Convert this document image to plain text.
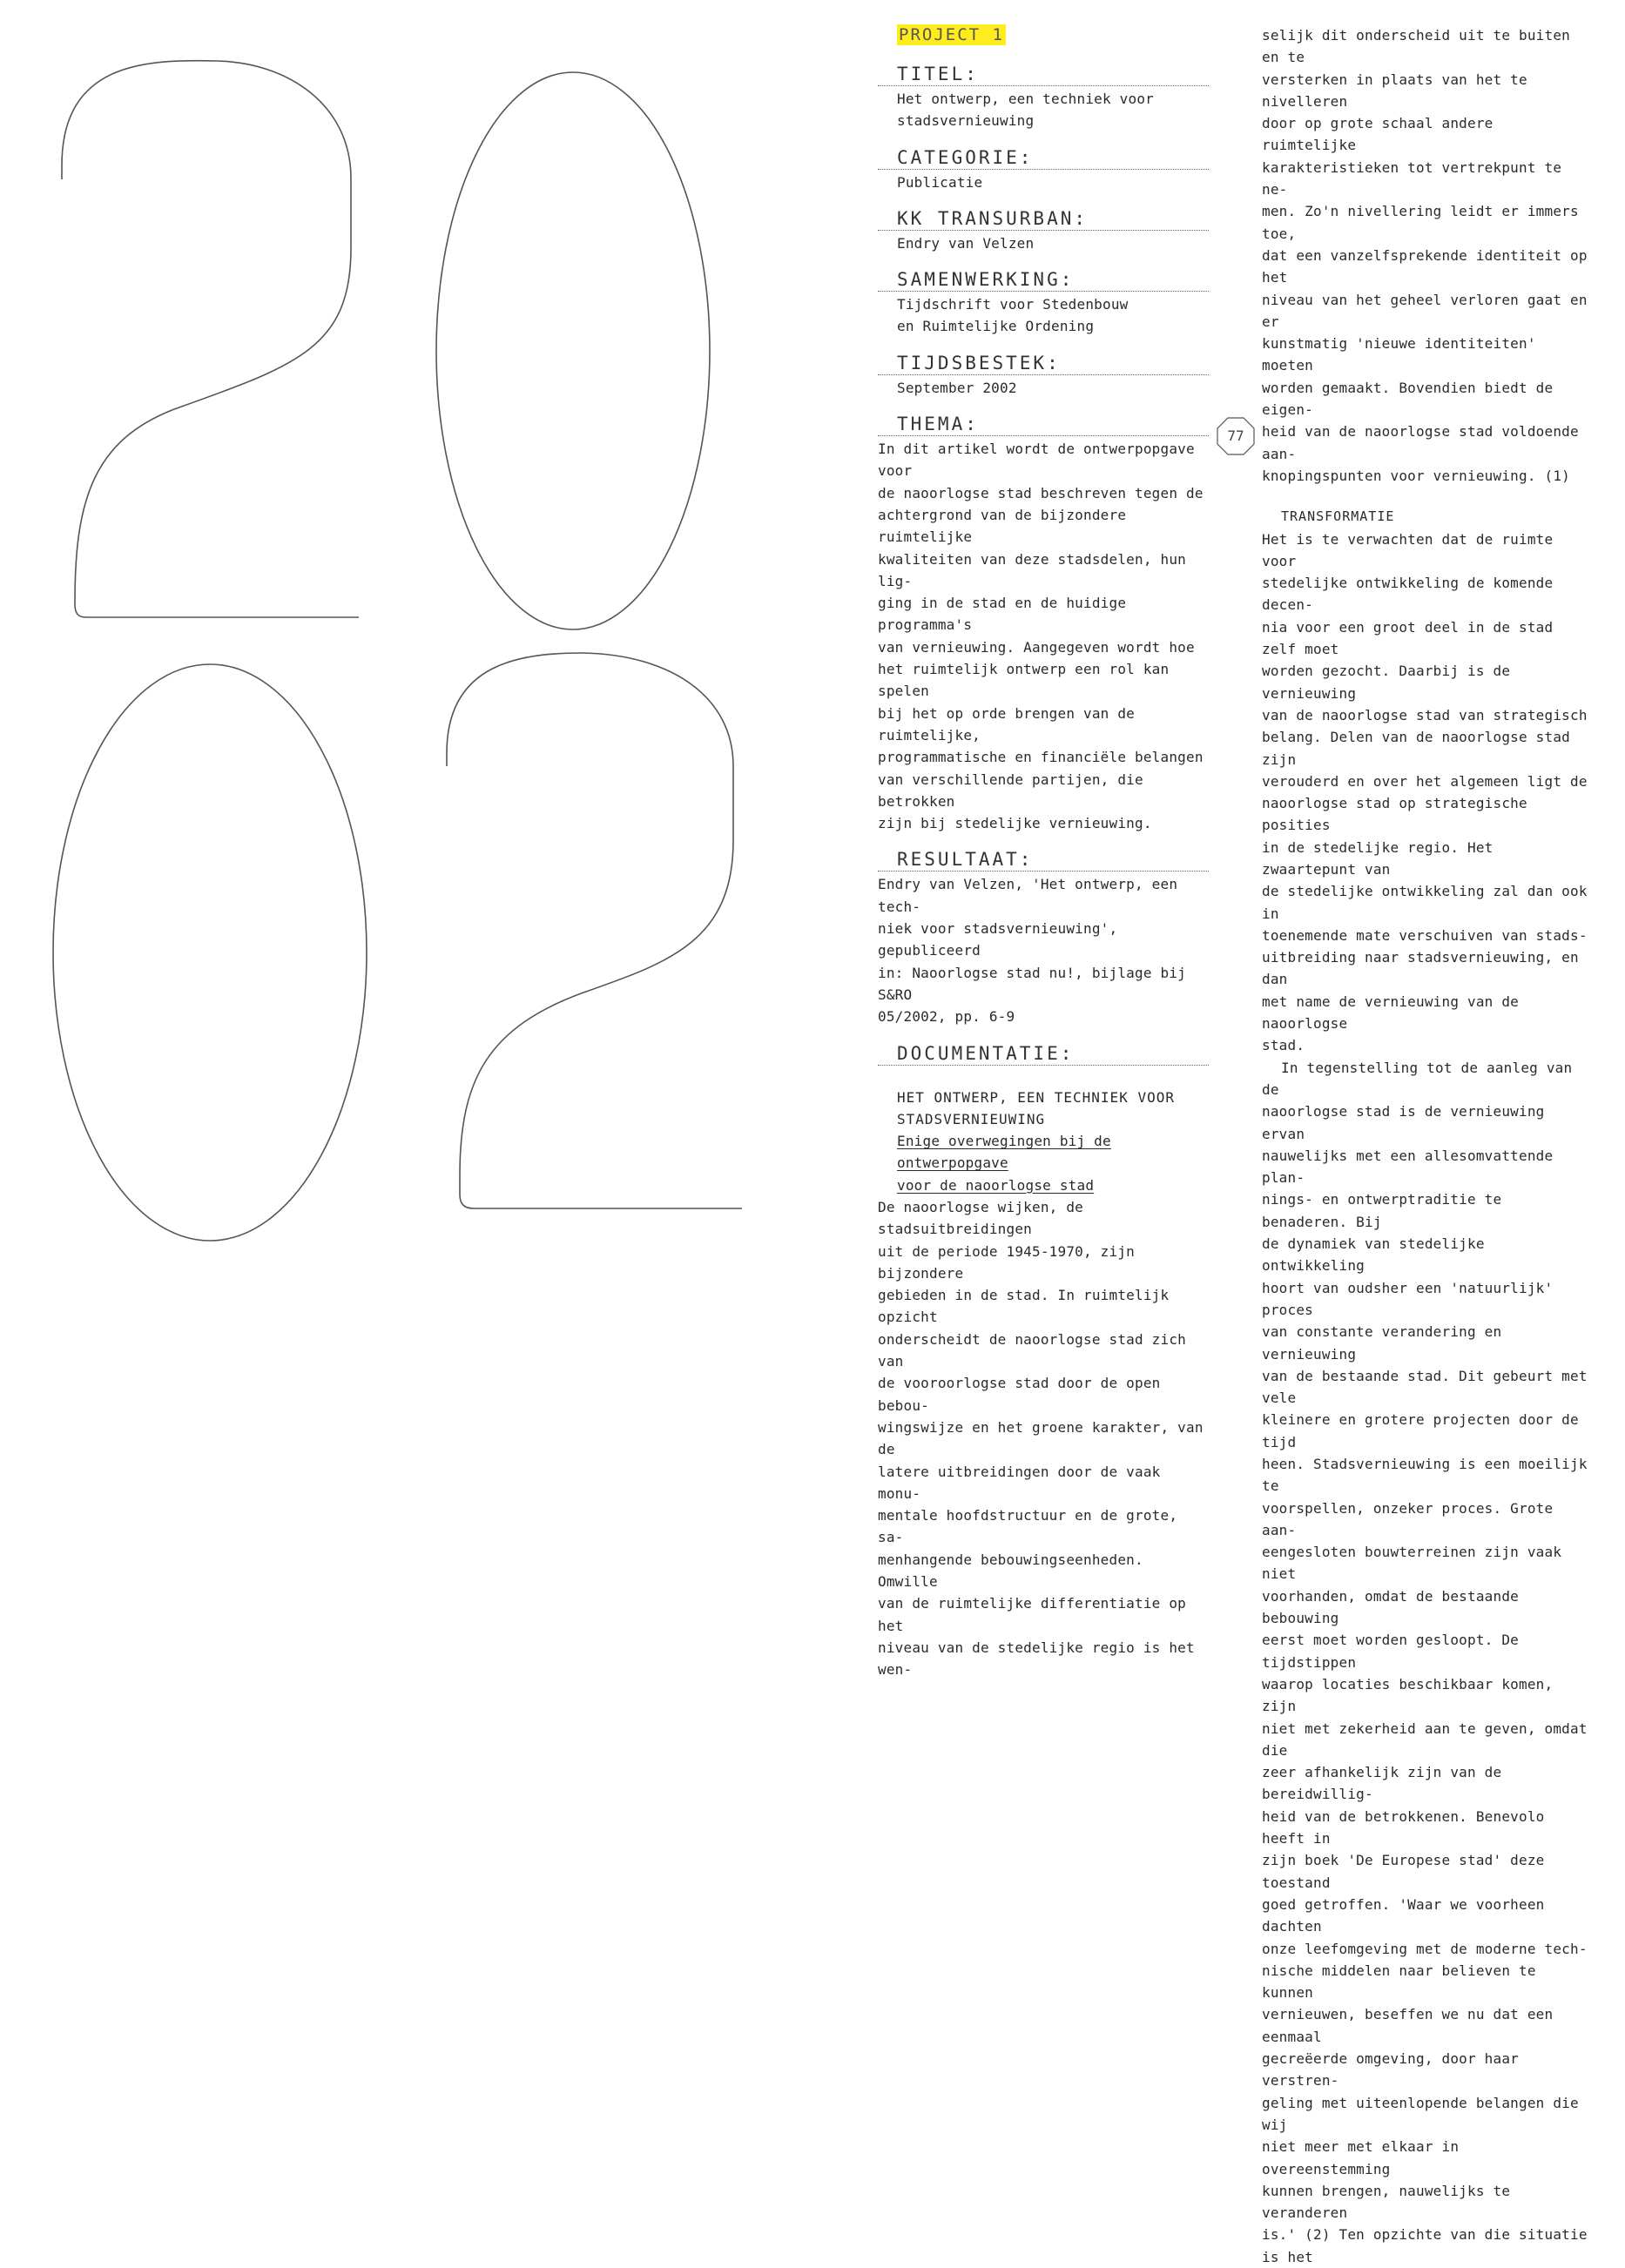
77
PROJECT 1
TITEL:
Het ontwerp, een techniek voor
stadsvernieuwing
CATEGORIE:
Publicatie
KK TRANSURBAN:
Endry van Velzen
SAMENWERKING:
Tijdschrift voor Stedenbouw
en Ruimtelijke Ordening
TIJDSBESTEK:
September 2002
THEMA:
In dit artikel wordt de ontwerpopgave voor
de naoorlogse stad beschreven tegen de
achtergrond van de bijzondere ruimtelijke
kwaliteiten van deze stadsdelen, hun lig-
ging in de stad en de huidige programma's
van vernieuwing. Aangegeven wordt hoe
het ruimtelijk ontwerp een rol kan spelen
bij het op orde brengen van de ruimtelijke,
programmatische en financiële belangen
van verschillende partijen, die betrokken
zijn bij stedelijke vernieuwing.
RESULTAAT:
Endry van Velzen, 'Het ontwerp, een tech-
niek voor stadsvernieuwing', gepubliceerd
in: Naoorlogse stad nu!, bijlage bij S&RO
05/2002, pp. 6-9
DOCUMENTATIE:
HET ONTWERP, EEN TECHNIEK VOOR
STADSVERNIEUWING
Enige overwegingen bij de ontwerpopgave
voor de naoorlogse stad
De naoorlogse wijken, de stadsuitbreidingen
uit de periode 1945-1970, zijn bijzondere
gebieden in de stad. In ruimtelijk opzicht
onderscheidt de naoorlogse stad zich van
de vooroorlogse stad door de open bebou-
wingswijze en het groene karakter, van de
latere uitbreidingen door de vaak monu-
mentale hoofdstructuur en de grote, sa-
menhangende bebouwingseenheden. Omwille
van de ruimtelijke differentiatie op het
niveau van de stedelijke regio is het wen-
selijk dit onderscheid uit te buiten en te
versterken in plaats van het te nivelleren
door op grote schaal andere ruimtelijke
karakteristieken tot vertrekpunt te ne-
men. Zo'n nivellering leidt er immers toe,
dat een vanzelfsprekende identiteit op het
niveau van het geheel verloren gaat en er
kunstmatig 'nieuwe identiteiten' moeten
worden gemaakt. Bovendien biedt de eigen-
heid van de naoorlogse stad voldoende aan-
knopingspunten voor vernieuwing. (1)
TRANSFORMATIE
Het is te verwachten dat de ruimte voor
stedelijke ontwikkeling de komende decen-
nia voor een groot deel in de stad zelf moet
worden gezocht. Daarbij is de vernieuwing
van de naoorlogse stad van strategisch
belang. Delen van de naoorlogse stad zijn
verouderd en over het algemeen ligt de
naoorlogse stad op strategische posities
in de stedelijke regio. Het zwaartepunt van
de stedelijke ontwikkeling zal dan ook in
toenemende mate verschuiven van stads-
uitbreiding naar stadsvernieuwing, en dan
met name de vernieuwing van de naoorlogse
stad.
In tegenstelling tot de aanleg van de
naoorlogse stad is de vernieuwing ervan
nauwelijks met een allesomvattende plan-
nings- en ontwerptraditie te benaderen. Bij
de dynamiek van stedelijke ontwikkeling
hoort van oudsher een 'natuurlijk' proces
van constante verandering en vernieuwing
van de bestaande stad. Dit gebeurt met vele
kleinere en grotere projecten door de tijd
heen. Stadsvernieuwing is een moeilijk te
voorspellen, onzeker proces. Grote aan-
eengesloten bouwterreinen zijn vaak niet
voorhanden, omdat de bestaande bebouwing
eerst moet worden gesloopt. De tijdstippen
waarop locaties beschikbaar komen, zijn
niet met zekerheid aan te geven, omdat die
zeer afhankelijk zijn van de bereidwillig-
heid van de betrokkenen. Benevolo heeft in
zijn boek 'De Europese stad' deze toestand
goed getroffen. 'Waar we voorheen dachten
onze leefomgeving met de moderne tech-
nische middelen naar believen te kunnen
vernieuwen, beseffen we nu dat een eenmaal
gecreëerde omgeving, door haar verstren-
geling met uiteenlopende belangen die wij
niet meer met elkaar in overeenstemming
kunnen brengen, nauwelijks te veranderen
is.' (2) Ten opzichte van die situatie is het
